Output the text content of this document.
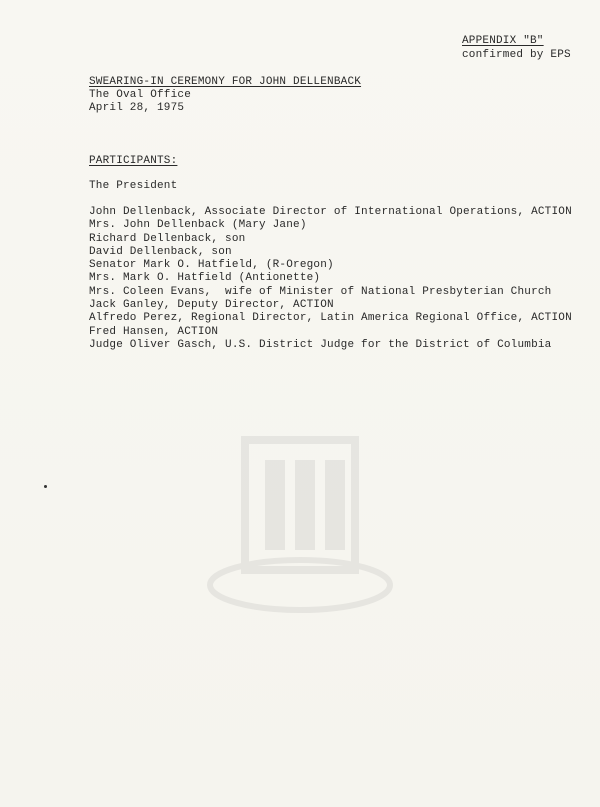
APPENDIX "B"
confirmed by EPS
SWEARING-IN CEREMONY FOR JOHN DELLENBACK
The Oval Office
April 28, 1975
PARTICIPANTS:
The President
John Dellenback, Associate Director of International Operations, ACTION
Mrs. John Dellenback (Mary Jane)
Richard Dellenback, son
David Dellenback, son
Senator Mark O. Hatfield, (R-Oregon)
Mrs. Mark O. Hatfield (Antionette)
Mrs. Coleen Evans,  wife of Minister of National Presbyterian Church
Jack Ganley, Deputy Director, ACTION
Alfredo Perez, Regional Director, Latin America Regional Office, ACTION
Fred Hansen, ACTION
Judge Oliver Gasch, U.S. District Judge for the District of Columbia
